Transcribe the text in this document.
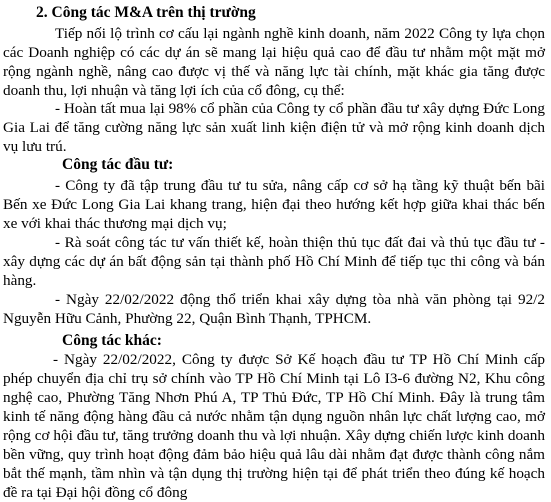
2. Công tác M&A trên thị trường
Tiếp nối lộ trình cơ cấu lại ngành nghề kinh doanh, năm 2022 Công ty lựa chọn các Doanh nghiệp có các dự án sẽ mang lại hiệu quả cao để đầu tư nhằm một mặt mở rộng ngành nghề, nâng cao được vị thế và năng lực tài chính, mặt khác gia tăng được doanh thu, lợi nhuận và tăng lợi ích của cổ đông, cụ thể:
- Hoàn tất mua lại 98% cổ phần của Công ty cổ phần đầu tư xây dựng Đức Long Gia Lai để tăng cường năng lực sản xuất linh kiện điện tử và mở rộng kinh doanh dịch vụ lưu trú.
Công tác đầu tư:
- Công ty đã tập trung đầu tư tu sửa, nâng cấp cơ sở hạ tầng kỹ thuật bến bãi Bến xe Đức Long Gia Lai khang trang, hiện đại theo hướng kết hợp giữa khai thác bến xe với khai thác thương mại dịch vụ;
- Rà soát công tác tư vấn thiết kế, hoàn thiện thủ tục đất đai và thủ tục đầu tư - xây dựng các dự án bất động sản tại thành phố Hồ Chí Minh để tiếp tục thi công và bán hàng.
- Ngày 22/02/2022 động thổ triển khai xây dựng tòa nhà văn phòng tại 92/2 Nguyễn Hữu Cảnh, Phường 22, Quận Bình Thạnh, TPHCM.
Công tác khác:
- Ngày 22/02/2022, Công ty được Sở Kế hoạch đầu tư TP Hồ Chí Minh cấp phép chuyển địa chỉ trụ sở chính vào TP Hồ Chí Minh tại Lô I3-6 đường N2, Khu công nghệ cao, Phường Tăng Nhơn Phú A, TP Thủ Đức, TP Hồ Chí Minh. Đây là trung tâm kinh tế năng động hàng đầu cả nước nhằm tận dụng nguồn nhân lực chất lượng cao, mở rộng cơ hội đầu tư, tăng trưởng doanh thu và lợi nhuận. Xây dựng chiến lược kinh doanh bền vững, quy trình hoạt động đảm bảo hiệu quả lâu dài nhằm đạt được thành công nắm bắt thế mạnh, tầm nhìn và tận dụng thị trường hiện tại để phát triển theo đúng kế hoạch đề ra tại Đại hội đồng cổ đông
